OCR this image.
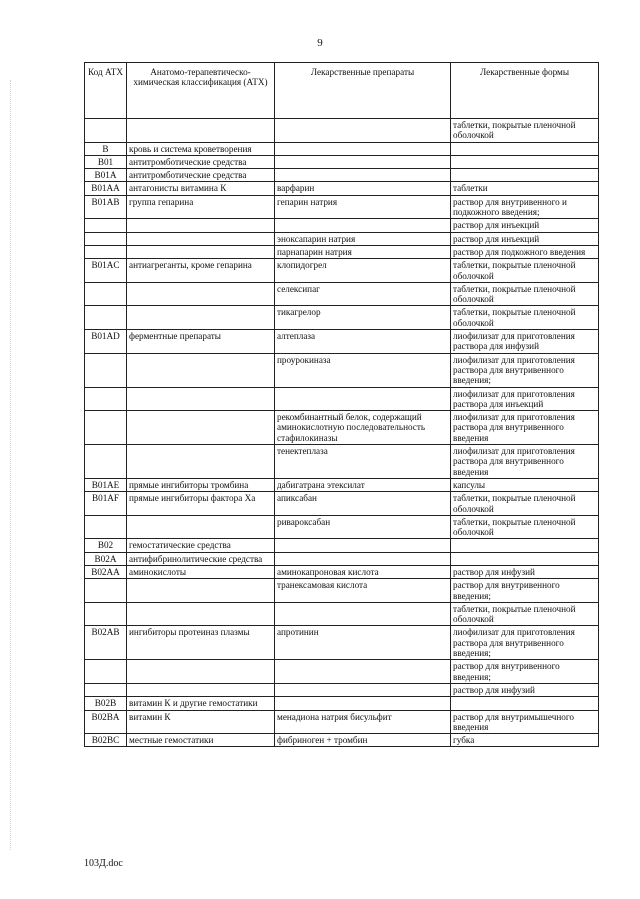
9
Код АТХ	Анатомо-терапевтическо-химическая классификация (АТХ)	Лекарственные препараты	Лекарственные формы
			таблетки, покрытые пленочной оболочкой
B	кровь и система кроветворения		
B01	антитромботические средства		
B01A	антитромботические средства		
B01AA	антагонисты витамина К	варфарин	таблетки
B01AB	группа гепарина	гепарин натрия	раствор для внутривенного и подкожного введения;
			раствор для инъекций
		эноксапарин натрия	раствор для инъекций
		парнапарин натрия	раствор для подкожного введения
B01AC	антиагреганты, кроме гепарина	клопидогрел	таблетки, покрытые пленочной оболочкой
		селексипаг	таблетки, покрытые пленочной оболочкой
		тикагрелор	таблетки, покрытые пленочной оболочкой
B01AD	ферментные препараты	алтеплаза	лиофилизат для приготовления раствора для инфузий
		проурокиназа	лиофилизат для приготовления раствора для внутривенного введения;
			лиофилизат для приготовления раствора для инъекций
		рекомбинантный белок, содержащий аминокислотную последовательность стафилокиназы	лиофилизат для приготовления раствора для внутривенного введения
		тенектеплаза	лиофилизат для приготовления раствора для внутривенного введения
B01AE	прямые ингибиторы тромбина	дабигатрана этексилат	капсулы
B01AF	прямые ингибиторы фактора Xa	апиксабан	таблетки, покрытые пленочной оболочкой
		ривароксабан	таблетки, покрытые пленочной оболочкой
B02	гемостатические средства		
B02A	антифибринолитические средства		
B02AA	аминокислоты	аминокапроновая кислота	раствор для инфузий
		транексамовая кислота	раствор для внутривенного введения;
			таблетки, покрытые пленочной оболочкой
B02AB	ингибиторы протеиназ плазмы	апротинин	лиофилизат для приготовления раствора для внутривенного введения;
			раствор для внутривенного введения;
			раствор для инфузий
B02B	витамин К и другие гемостатики		
B02BA	витамин К	менадиона натрия бисульфит	раствор для внутримышечного введения
B02BC	местные гемостатики	фибриноген + тромбин	губка
103Д.doc
